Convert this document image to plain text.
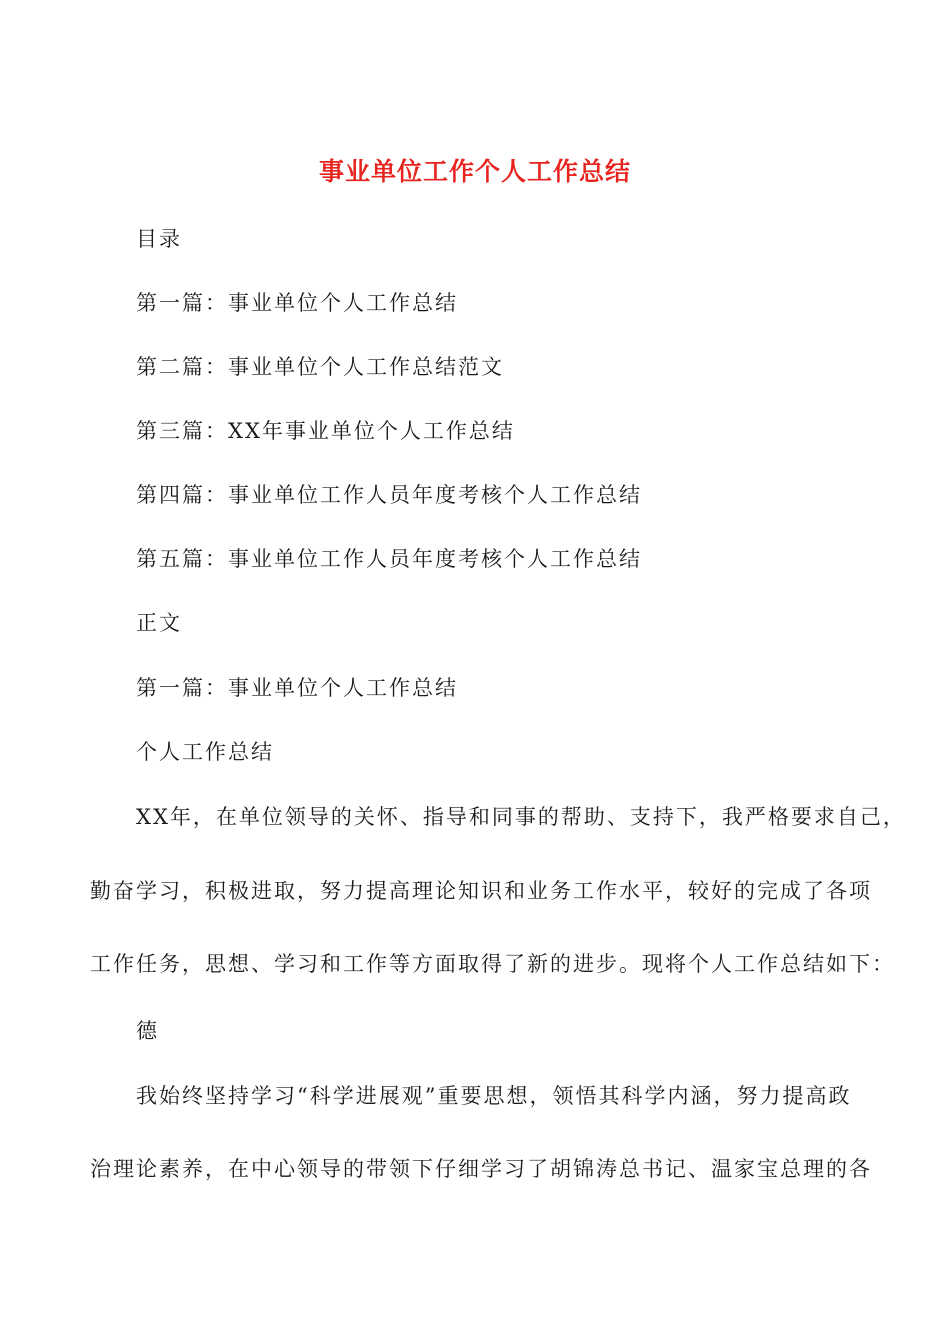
事业单位工作个人工作总结
目录
第一篇：事业单位个人工作总结
第二篇：事业单位个人工作总结范文
第三篇：XX年事业单位个人工作总结
第四篇：事业单位工作人员年度考核个人工作总结
第五篇：事业单位工作人员年度考核个人工作总结
正文
第一篇：事业单位个人工作总结
个人工作总结
XX年，在单位领导的关怀、指导和同事的帮助、支持下，我严格要求自己，
勤奋学习，积极进取，努力提高理论知识和业务工作水平，较好的完成了各项
工作任务，思想、学习和工作等方面取得了新的进步。现将个人工作总结如下：
德
我始终坚持学习“科学进展观”重要思想，领悟其科学内涵，努力提高政
治理论素养，在中心领导的带领下仔细学习了胡锦涛总书记、温家宝总理的各
